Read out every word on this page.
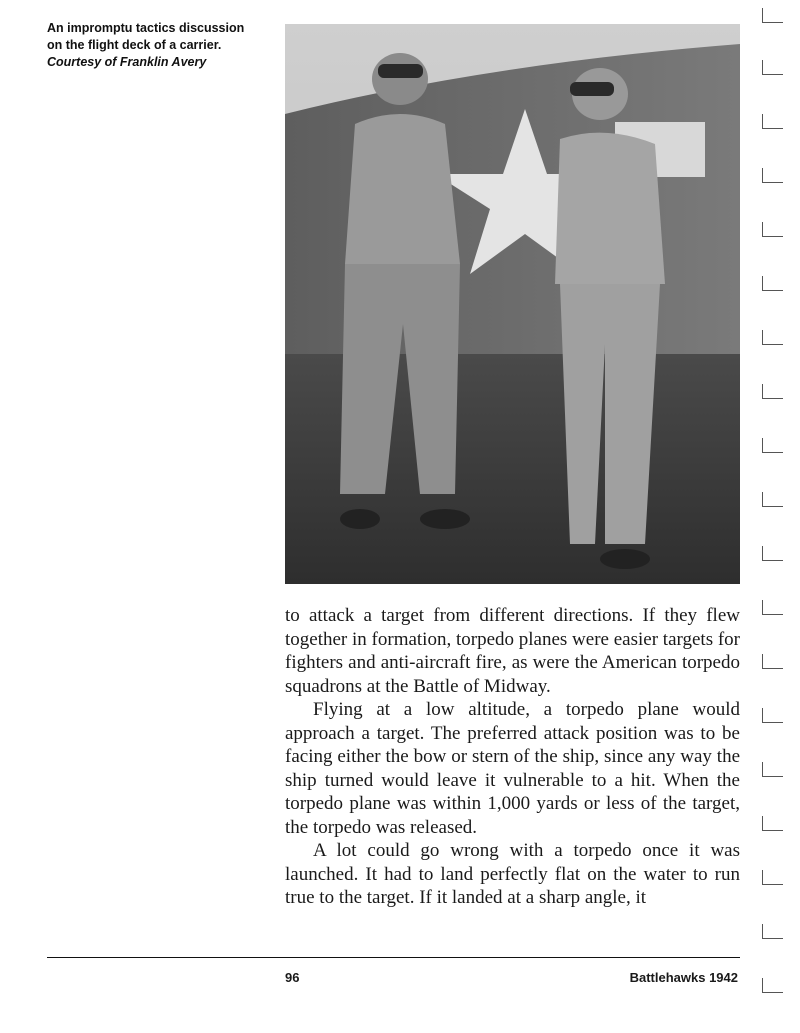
An impromptu tactics discussion on the flight deck of a carrier. Courtesy of Franklin Avery

to attack a target from different directions. If they flew together in formation, torpedo planes were easier targets for fighters and anti-aircraft fire, as were the American torpedo squadrons at the Battle of Midway.

Flying at a low altitude, a torpedo plane would approach a target. The preferred attack position was to be facing either the bow or stern of the ship, since any way the ship turned would leave it vulnerable to a hit. When the torpedo plane was within 1,000 yards or less of the target, the torpedo was released.

A lot could go wrong with a torpedo once it was launched. It had to land perfectly flat on the water to run true to the target. If it landed at a sharp angle, it

96	Battlehawks 1942
